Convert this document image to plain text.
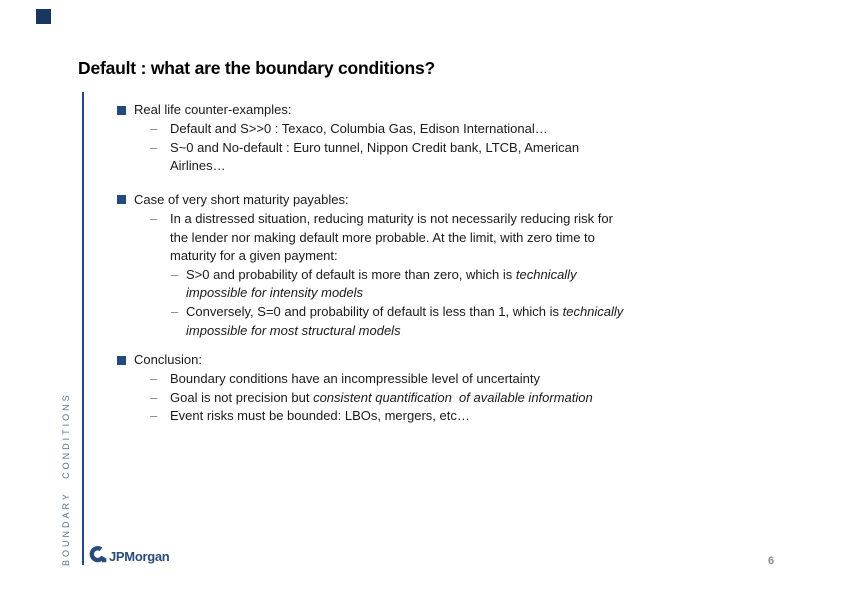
Default : what are the boundary conditions?
BOUNDARY CONDITIONS
Real life counter-examples:
– Default and S>>0 : Texaco, Columbia Gas, Edison International…
– S~0 and No-default : Euro tunnel, Nippon Credit bank, LTCB, American
Airlines…
Case of very short maturity payables:
– In a distressed situation, reducing maturity is not necessarily reducing risk for
the lender nor making default more probable. At the limit, with zero time to
maturity for a given payment:
– S>0 and probability of default is more than zero, which is technically
impossible for intensity models
– Conversely, S=0 and probability of default is less than 1, which is technically
impossible for most structural models
Conclusion:
– Boundary conditions have an incompressible level of uncertainty
– Goal is not precision but consistent quantification  of available information
– Event risks must be bounded: LBOs, mergers, etc…
JPMorgan	6
